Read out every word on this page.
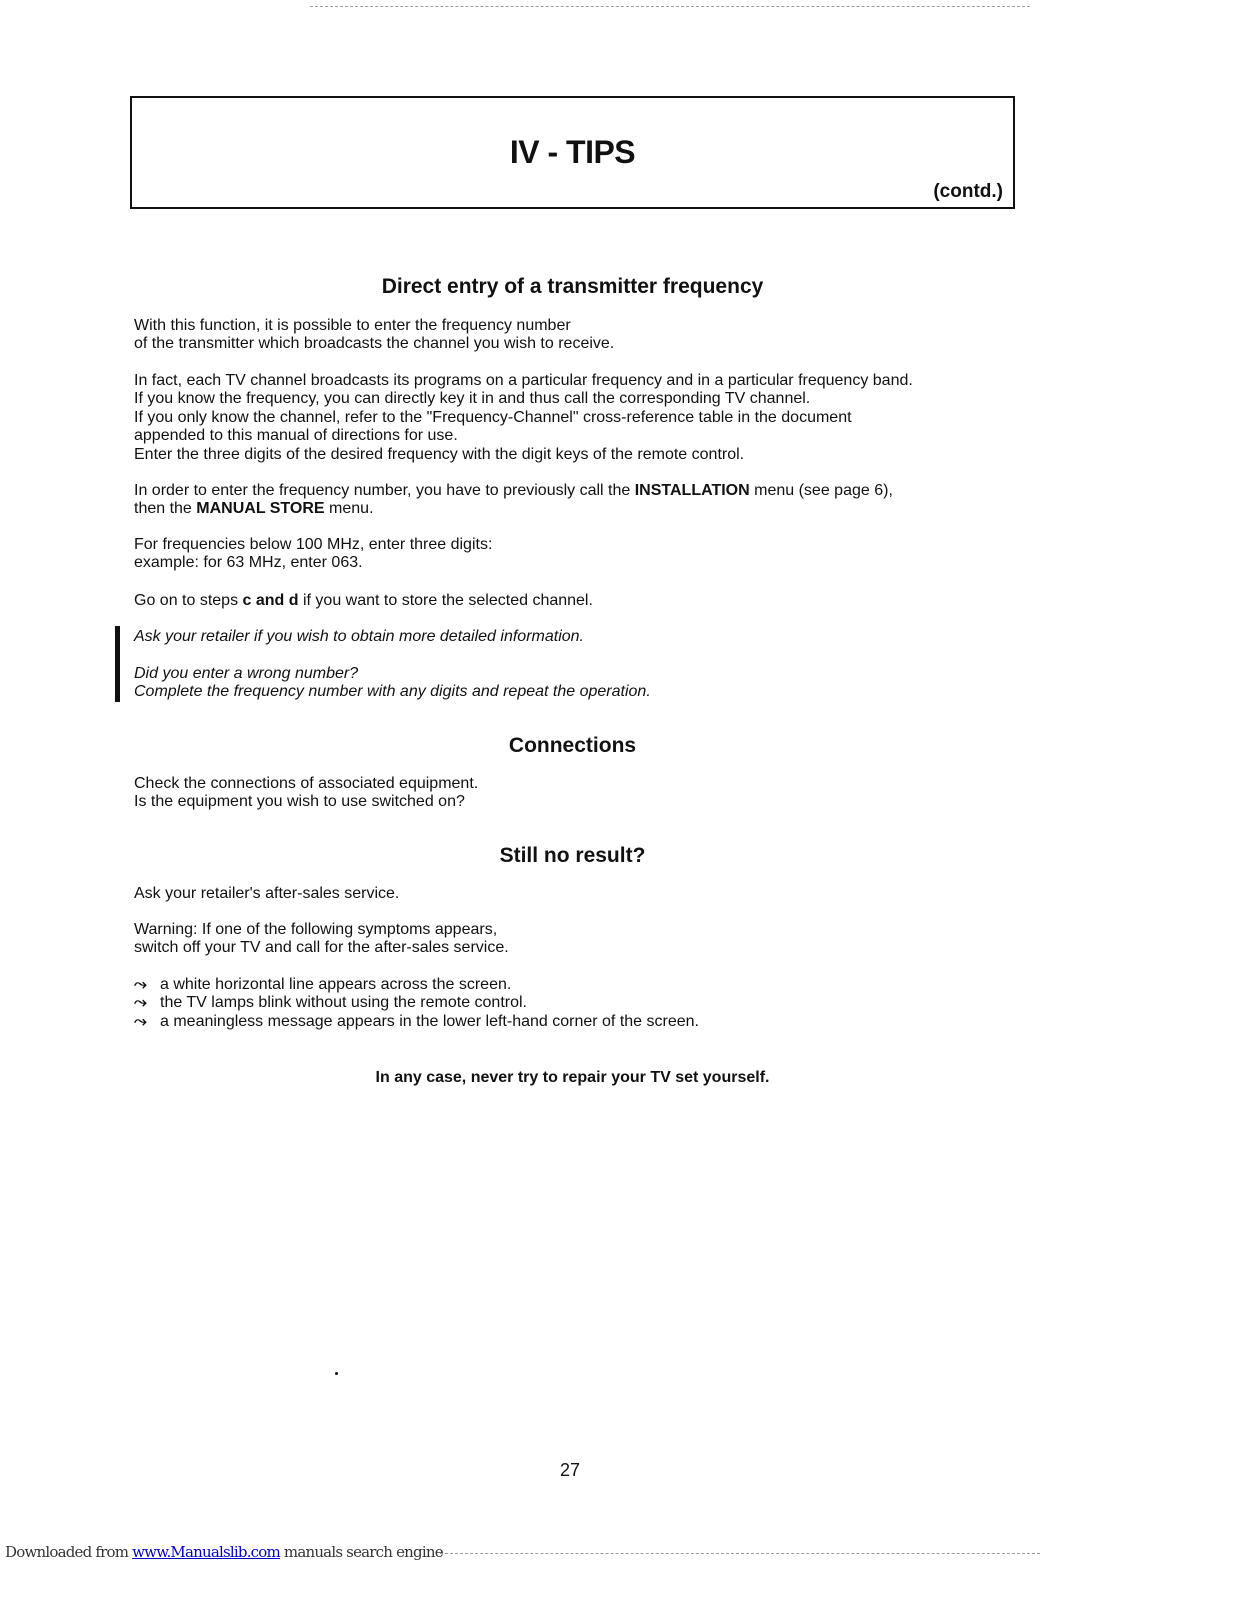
IV - TIPS
(contd.)
Direct entry of a transmitter frequency

With this function, it is possible to enter the frequency number

of the transmitter which broadcasts the channel you wish to receive.

In fact, each TV channel broadcasts its programs on a particular frequency and in a particular frequency band.

If you know the frequency, you can directly key it in and thus call the corresponding TV channel.

If you only know the channel, refer to the "Frequency-Channel" cross-reference table in the document

appended to this manual of directions for use.

Enter the three digits of the desired frequency with the digit keys of the remote control.

In order to enter the frequency number, you have to previously call the INSTALLATION menu (see page 6),

then the MANUAL STORE menu.

For frequencies below 100 MHz, enter three digits:

example: for 63 MHz, enter 063.

Go on to steps c and d if you want to store the selected channel.

Ask your retailer if you wish to obtain more detailed information.

Did you enter a wrong number?

Complete the frequency number with any digits and repeat the operation.

Connections

Check the connections of associated equipment.

Is the equipment you wish to use switched on?

Still no result?

Ask your retailer's after-sales service.

Warning: If one of the following symptoms appears,

switch off your TV and call for the after-sales service.

⤳ a white horizontal line appears across the screen.

⤳ the TV lamps blink without using the remote control.

⤳ a meaningless message appears in the lower left-hand corner of the screen.

In any case, never try to repair your TV set yourself.
27
Downloaded from www.Manualslib.com manuals search engine
